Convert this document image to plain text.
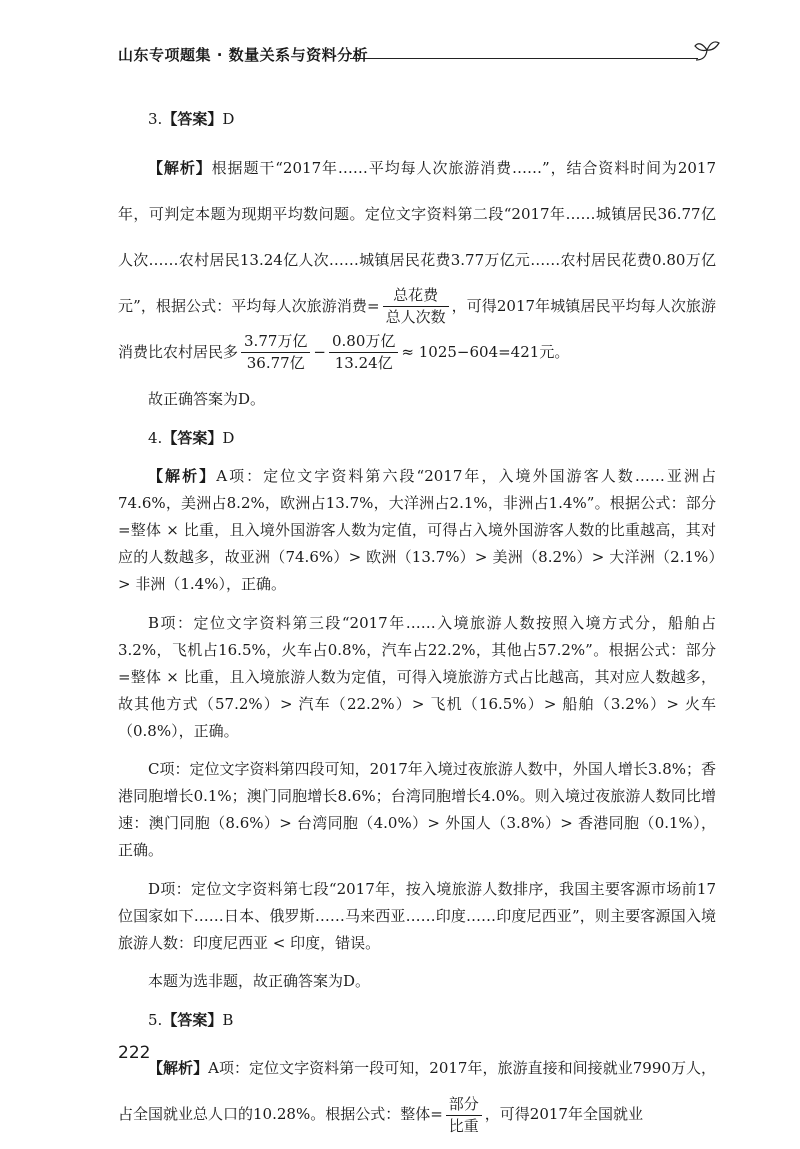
山东专项题集 · 数量关系与资料分析

3.【答案】D

【解析】根据题干“2017年……平均每人次旅游消费……”，结合资料时间为2017年，可判定本题为现期平均数问题。定位文字资料第二段“2017年……城镇居民36.77亿人次……农村居民13.24亿人次……城镇居民花费3.77万亿元……农村居民花费0.80万亿元”，根据公式：平均每人次旅游消费= $\frac{\text{总花费}}{\text{总人次数}}$ ，可得2017年城镇居民平均每人次旅游消费比农村居民多 $\frac{\text{3.77万亿}}{\text{36.77亿}} - \frac{\text{0.80万亿}}{\text{13.24亿}} \approx 1025-604=421$元。

故正确答案为D。

4.【答案】D

【解析】A项：定位文字资料第六段“2017年，入境外国游客人数……亚洲占74.6%，美洲占8.2%，欧洲占13.7%，大洋洲占2.1%，非洲占1.4%”。根据公式：部分=整体 × 比重，且入境外国游客人数为定值，可得占入境外国游客人数的比重越高，其对应的人数越多，故亚洲（74.6%）> 欧洲（13.7%）> 美洲（8.2%）> 大洋洲（2.1%）> 非洲（1.4%），正确。

B项：定位文字资料第三段“2017年……入境旅游人数按照入境方式分，船舶占3.2%，飞机占16.5%，火车占0.8%，汽车占22.2%，其他占57.2%”。根据公式：部分=整体 × 比重，且入境旅游人数为定值，可得入境旅游方式占比越高，其对应人数越多，故其他方式（57.2%）> 汽车（22.2%）> 飞机（16.5%）> 船舶（3.2%）> 火车（0.8%），正确。

C项：定位文字资料第四段可知，2017年入境过夜旅游人数中，外国人增长3.8%；香港同胞增长0.1%；澳门同胞增长8.6%；台湾同胞增长4.0%。则入境过夜旅游人数同比增速：澳门同胞（8.6%）> 台湾同胞（4.0%）> 外国人（3.8%）> 香港同胞（0.1%），正确。

D项：定位文字资料第七段“2017年，按入境旅游人数排序，我国主要客源市场前17位国家如下……日本、俄罗斯……马来西亚……印度……印度尼西亚”，则主要客源国入境旅游人数：印度尼西亚 < 印度，错误。

本题为选非题，故正确答案为D。

5.【答案】B

【解析】A项：定位文字资料第一段可知，2017年，旅游直接和间接就业7990万人，占全国就业总人口的10.28%。根据公式：整体= $\frac{\text{部分}}{\text{比重}}$ ，可得2017年全国就业

222
